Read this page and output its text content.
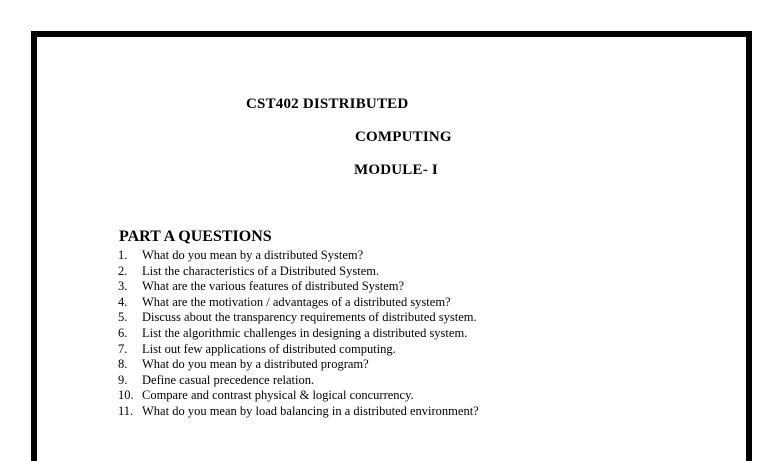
CST402 DISTRIBUTED
COMPUTING
MODULE- I
PART A QUESTIONS
1.	What do you mean by a distributed System?
2.	List the characteristics of a Distributed System.
3.	What are the various features of distributed System?
4.	What are the motivation / advantages of a distributed system?
5.	Discuss about the transparency requirements of distributed system.
6.	List the algorithmic challenges in designing a distributed system.
7.	List out few applications of distributed computing.
8.	What do you mean by a distributed program?
9.	Define casual precedence relation.
10. Compare and contrast physical & logical concurrency.
11. What do you mean by load balancing in a distributed environment?
